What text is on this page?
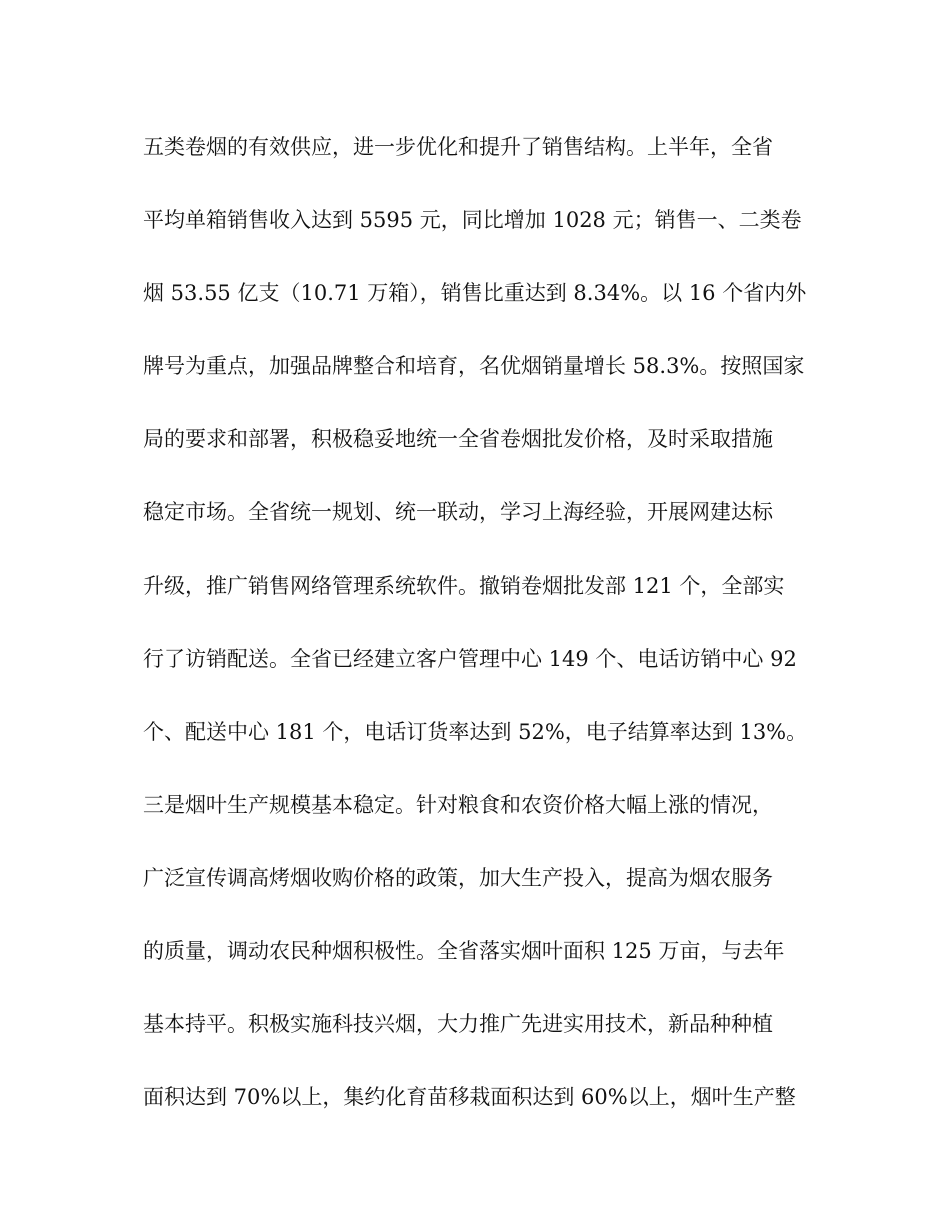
五类卷烟的有效供应，进一步优化和提升了销售结构。上半年，全省
平均单箱销售收入达到 5595 元，同比增加 1028 元；销售一、二类卷
烟 53.55 亿支（10.71 万箱），销售比重达到 8.34%。以 16 个省内外
牌号为重点，加强品牌整合和培育，名优烟销量增长 58.3%。按照国家
局的要求和部署，积极稳妥地统一全省卷烟批发价格，及时采取措施
稳定市场。全省统一规划、统一联动，学习上海经验，开展网建达标
升级，推广销售网络管理系统软件。撤销卷烟批发部 121 个，全部实
行了访销配送。全省已经建立客户管理中心 149 个、电话访销中心 92
个、配送中心 181 个，电话订货率达到 52%，电子结算率达到 13%。
三是烟叶生产规模基本稳定。针对粮食和农资价格大幅上涨的情况，
广泛宣传调高烤烟收购价格的政策，加大生产投入，提高为烟农服务
的质量，调动农民种烟积极性。全省落实烟叶面积 125 万亩，与去年
基本持平。积极实施科技兴烟，大力推广先进实用技术，新品种种植
面积达到 70%以上，集约化育苗移栽面积达到 60%以上，烟叶生产整
